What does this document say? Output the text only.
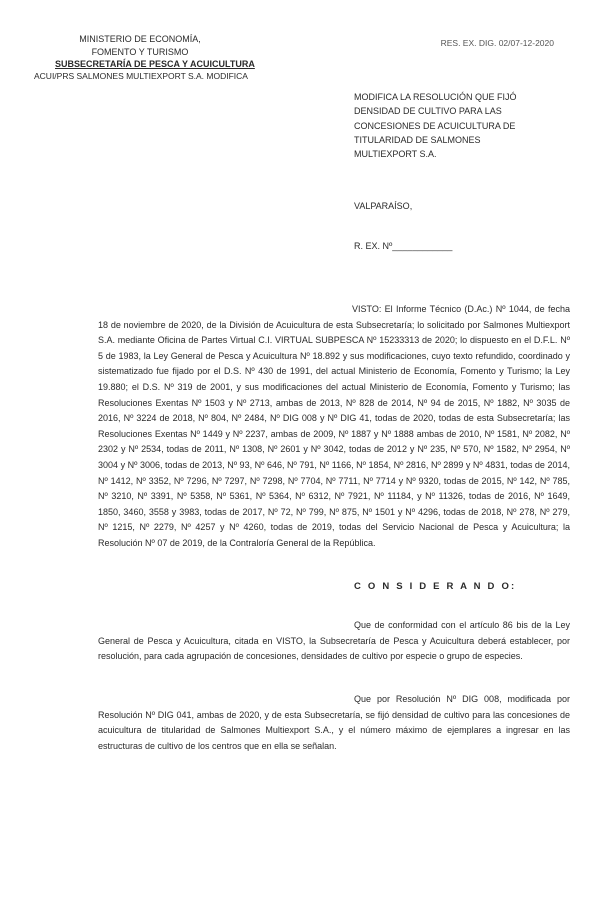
MINISTERIO DE ECONOMÍA,
FOMENTO Y TURISMO
SUBSECRETARÍA DE PESCA Y ACUICULTURA
ACUI/PRS SALMONES MULTIEXPORT S.A. MODIFICA
RES. EX. DIG. 02/07-12-2020
MODIFICA LA RESOLUCIÓN QUE FIJÓ
DENSIDAD DE CULTIVO PARA LAS
CONCESIONES DE ACUICULTURA DE
TITULARIDAD DE SALMONES
MULTIEXPORT S.A.
VALPARAÍSO,
R. EX. Nº____________
VISTO: El Informe Técnico (D.Ac.) Nº 1044, de fecha 18 de noviembre de 2020, de la División de Acuicultura de esta Subsecretaría; lo solicitado por Salmones Multiexport S.A. mediante Oficina de Partes Virtual C.I. VIRTUAL SUBPESCA Nº 15233313 de 2020; lo dispuesto en el D.F.L. Nº 5 de 1983, la Ley General de Pesca y Acuicultura Nº 18.892 y sus modificaciones, cuyo texto refundido, coordinado y sistematizado fue fijado por el D.S. Nº 430 de 1991, del actual Ministerio de Economía, Fomento y Turismo; la Ley 19.880; el D.S. Nº 319 de 2001, y sus modificaciones del actual Ministerio de Economía, Fomento y Turismo; las Resoluciones Exentas Nº 1503 y Nº 2713, ambas de 2013, Nº 828 de 2014, Nº 94 de 2015, Nº 1882, Nº 3035 de 2016, Nº 3224 de 2018, Nº 804, Nº 2484, Nº DIG 008 y Nº DIG 41, todas de 2020, todas de esta Subsecretaría; las Resoluciones Exentas Nº 1449 y Nº 2237, ambas de 2009, Nº 1887 y Nº 1888 ambas de 2010, Nº 1581, Nº 2082, Nº 2302 y Nº 2534, todas de 2011, Nº 1308, Nº 2601 y Nº 3042, todas de 2012 y Nº 235, Nº 570, Nº 1582, Nº 2954, Nº 3004 y Nº 3006, todas de 2013, Nº 93, Nº 646, Nº 791, Nº 1166, Nº 1854, Nº 2816, Nº 2899 y Nº 4831, todas de 2014, Nº 1412, Nº 3352, Nº 7296, Nº 7297, Nº 7298, Nº 7704, Nº 7711, Nº 7714 y Nº 9320, todas de 2015, Nº 142, Nº 785, Nº 3210, Nº 3391, Nº 5358, Nº 5361, Nº 5364, Nº 6312, Nº 7921, Nº 11184, y Nº 11326, todas de 2016, Nº 1649, 1850, 3460, 3558 y 3983, todas de 2017, Nº 72, Nº 799, Nº 875, Nº 1501 y Nº 4296, todas de 2018, Nº 278, Nº 279, Nº 1215, Nº 2279, Nº 4257 y Nº 4260, todas de 2019, todas del Servicio Nacional de Pesca y Acuicultura; la Resolución Nº 07 de 2019, de la Contraloría General de la República.
C O N S I D E R A N D O:
Que de conformidad con el artículo 86 bis de la Ley General de Pesca y Acuicultura, citada en VISTO, la Subsecretaría de Pesca y Acuicultura deberá establecer, por resolución, para cada agrupación de concesiones, densidades de cultivo por especie o grupo de especies.
Que por Resolución Nº DIG 008, modificada por Resolución Nº DIG 041, ambas de 2020, y de esta Subsecretaría, se fijó densidad de cultivo para las concesiones de acuicultura de titularidad de Salmones Multiexport S.A., y el número máximo de ejemplares a ingresar en las estructuras de cultivo de los centros que en ella se señalan.
